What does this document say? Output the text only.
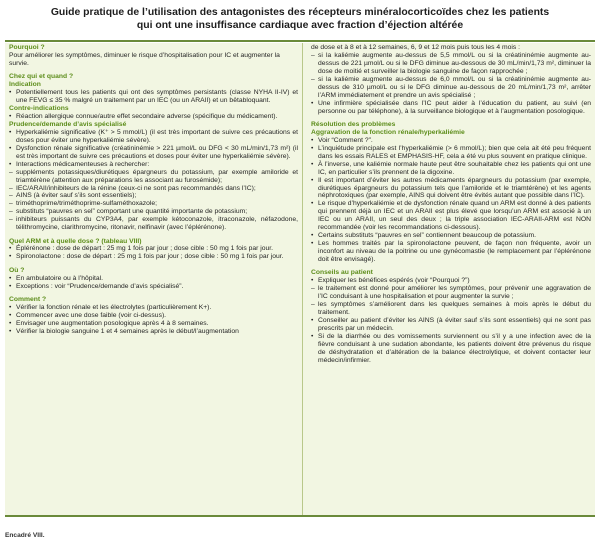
Guide pratique de l’utilisation des antagonistes des récepteurs minéralocorticoïdes chez les patients
qui ont une insuffisance cardiaque avec fraction d’éjection altérée
Pourquoi ?
Pour améliorer les symptômes, diminuer le risque d’hospitalisation pour IC et augmenter la survie.
Chez qui et quand ?
Indication
• Potentiellement tous les patients qui ont des symptômes persistants (classe NYHA II-IV) et une FEVG ≤ 35 % malgré un traitement par un IEC (ou un ARAII) et un bêtabloquant.
Contre-indications
• Réaction allergique connue/autre effet secondaire adverse (spécifique du médicament).
Prudence/demande d’avis spécialisé
• Hyperkaliémie significative (K⁺ > 5 mmol/L) (il est très important de suivre ces précautions et doses pour éviter une hyperkaliémie sévère).
• Dysfonction rénale significative (créatininémie > 221 µmol/L ou DFG < 30 mL/min/1,73 m²) (il est très important de suivre ces précautions et doses pour éviter une hyperkaliémie sévère).
• Interactions médicamenteuses à rechercher:
– suppléments potassiques/diurétiques épargneurs du potassium, par exemple amiloride et triamtérène (attention aux préparations les associant au furosémide);
– IEC/ARAII/inhibiteurs de la rénine (ceux-ci ne sont pas recommandés dans l’IC);
– AINS (à éviter sauf s’ils sont essentiels);
– triméthoprime/triméthoprime-sulfaméthoxazole;
– substituts “pauvres en sel” comportant une quantité importante de potassium;
– inhibiteurs puissants du CYP3A4, par exemple kétoconazole, itraconazole, néfazodone, télithromycine, clarithromycine, ritonavir, nelfinavir (avec l’éplérénone).
Quel ARM et à quelle dose ? (tableau VIII)
• Éplérénone : dose de départ : 25 mg 1 fois par jour ; dose cible : 50 mg 1 fois par jour.
• Spironolactone : dose de départ : 25 mg 1 fois par jour ; dose cible : 50 mg 1 fois par jour.
Où ?
• En ambulatoire ou à l’hôpital.
• Exceptions : voir “Prudence/demande d’avis spécialisé”.
Comment ?
• Vérifier la fonction rénale et les électrolytes (particulièrement K+).
• Commencer avec une dose faible (voir ci-dessus).
• Envisager une augmentation posologique après 4 à 8 semaines.
• Vérifier la biologie sanguine 1 et 4 semaines après le début/l’augmentation
de dose et à 8 et à 12 semaines, 6, 9 et 12 mois puis tous les 4 mois :
– si la kaliémie augmente au-dessus de 5,5 mmol/L ou si la créatininémie augmente au-dessus de 221 µmol/L ou si le DFG diminue au-dessous de 30 mL/min/1,73 m², diminuer la dose de moitié et surveiller la biologie sanguine de façon rapprochée ;
– si la kaliémie augmente au-dessus de 6,0 mmol/L ou si la créatininémie augmente au-dessus de 310 µmol/L ou si le DFG diminue au-dessous de 20 mL/min/1,73 m², arrêter l’ARM immédiatement et prendre un avis spécialisé ;
• Une infirmière spécialisée dans l’IC peut aider à l’éducation du patient, au suivi (en personne ou par téléphone), à la surveillance biologique et à l’augmentation posologique.
Résolution des problèmes
Aggravation de la fonction rénale/hyperkaliémie
• Voir “Comment ?”.
• L’inquiétude principale est l’hyperkaliémie (> 6 mmol/L); bien que cela ait été peu fréquent dans les essais RALES et EMPHASIS-HF, cela a été vu plus souvent en pratique clinique.
• À l’inverse, une kaliémie normale haute peut être souhaitable chez les patients qui ont une IC, en particulier s’ils prennent de la digoxine.
• Il est important d’éviter les autres médicaments épargneurs du potassium (par exemple, diurétiques épargneurs du potassium tels que l’amiloride et le triamtérène) et les agents néphrotoxiques (par exemple, AINS qui doivent être évités autant que possible dans l’IC).
• Le risque d’hyperkaliémie et de dysfonction rénale quand un ARM est donné à des patients qui prennent déjà un IEC et un ARAII est plus élevé que lorsqu’un ARM est associé à un IEC ou un ARAII, un seul des deux ; la triple association IEC-ARAII-ARM est NON recommandée (voir les recommandations ci-dessous).
• Certains substituts “pauvres en sel” contiennent beaucoup de potassium.
• Les hommes traités par la spironolactone peuvent, de façon non fréquente, avoir un inconfort au niveau de la poitrine ou une gynécomastie (le remplacement par l’éplérénone doit être envisagé).
Conseils au patient
• Expliquer les bénéfices espérés (voir “Pourquoi ?”)
– le traitement est donné pour améliorer les symptômes, pour prévenir une aggravation de l’IC conduisant à une hospitalisation et pour augmenter la survie ;
– les symptômes s’améliorent dans les quelques semaines à mois après le début du traitement.
• Conseiller au patient d’éviter les AINS (à éviter sauf s’ils sont essentiels) qui ne sont pas prescrits par un médecin.
• Si de la diarrhée ou des vomissements surviennent ou s’il y a une infection avec de la fièvre conduisant à une sudation abondante, les patients doivent être prévenus du risque de déshydratation et d’altération de la balance électrolytique, et doivent contacter leur médecin/infirmier.
Encadré VIII.
